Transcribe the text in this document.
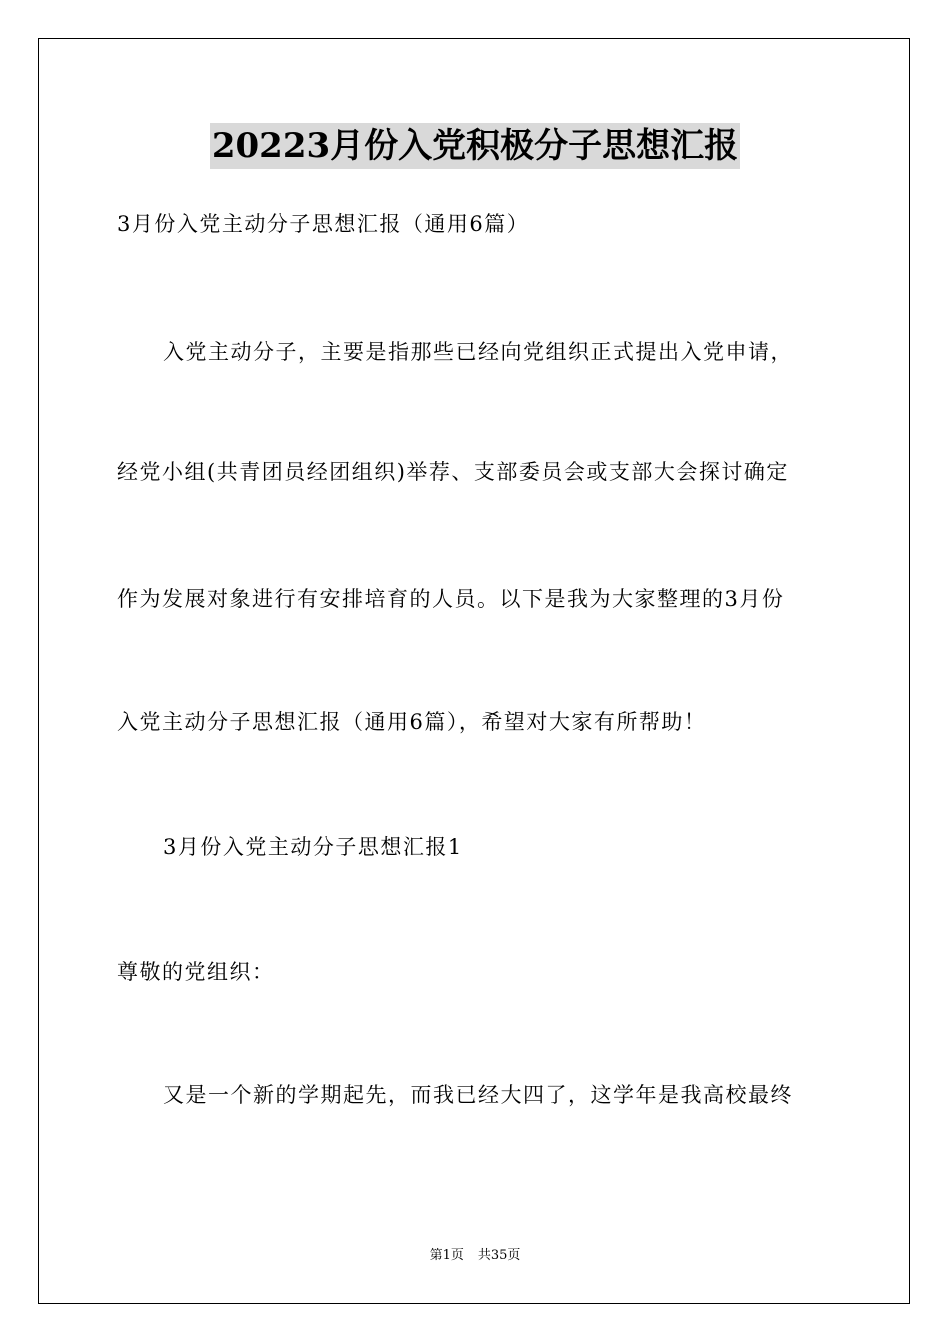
20223月份入党积极分子思想汇报
3月份入党主动分子思想汇报（通用6篇）
入党主动分子，主要是指那些已经向党组织正式提出入党申请，
经党小组(共青团员经团组织)举荐、支部委员会或支部大会探讨确定
作为发展对象进行有安排培育的人员。以下是我为大家整理的3月份
入党主动分子思想汇报（通用6篇），希望对大家有所帮助！
3月份入党主动分子思想汇报1
尊敬的党组织：
又是一个新的学期起先，而我已经大四了，这学年是我高校最终
第1页 共35页
